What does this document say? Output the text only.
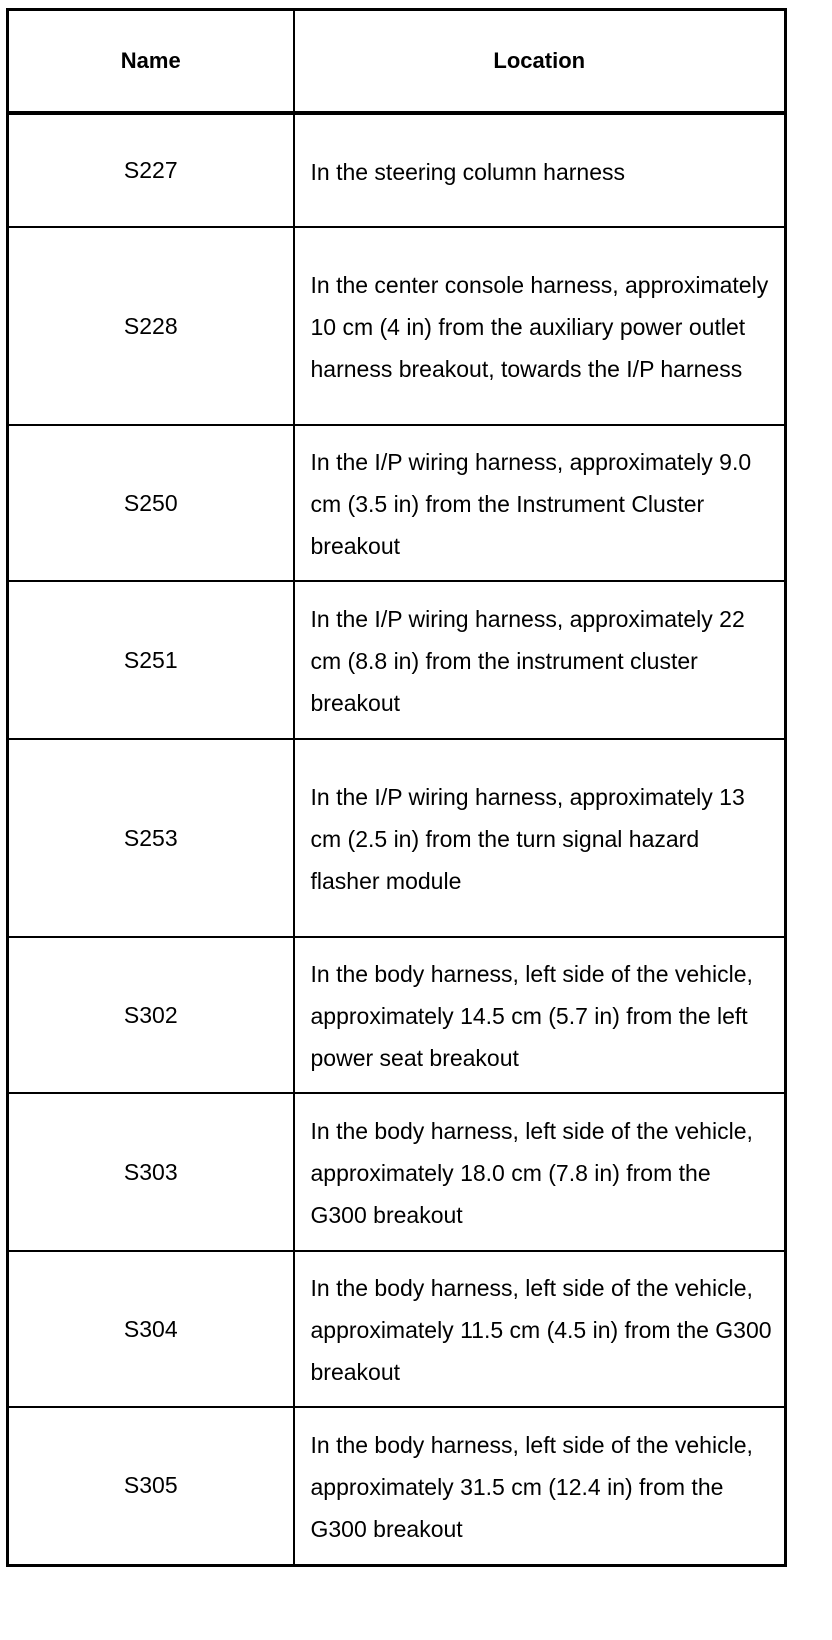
Name	Location
S227	In the steering column harness
S228	In the center console harness, approximately 10 cm (4 in) from the auxiliary power outlet harness breakout, towards the I/P harness
S250	In the I/P wiring harness, approximately 9.0 cm (3.5 in) from the Instrument Cluster breakout
S251	In the I/P wiring harness, approximately 22 cm (8.8 in) from the instrument cluster breakout
S253	In the I/P wiring harness, approximately 13 cm (2.5 in) from the turn signal hazard flasher module
S302	In the body harness, left side of the vehicle, approximately 14.5 cm (5.7 in) from the left power seat breakout
S303	In the body harness, left side of the vehicle, approximately 18.0 cm (7.8 in) from the G300 breakout
S304	In the body harness, left side of the vehicle, approximately 11.5 cm (4.5 in) from the G300 breakout
S305	In the body harness, left side of the vehicle, approximately 31.5 cm (12.4 in) from the G300 breakout
